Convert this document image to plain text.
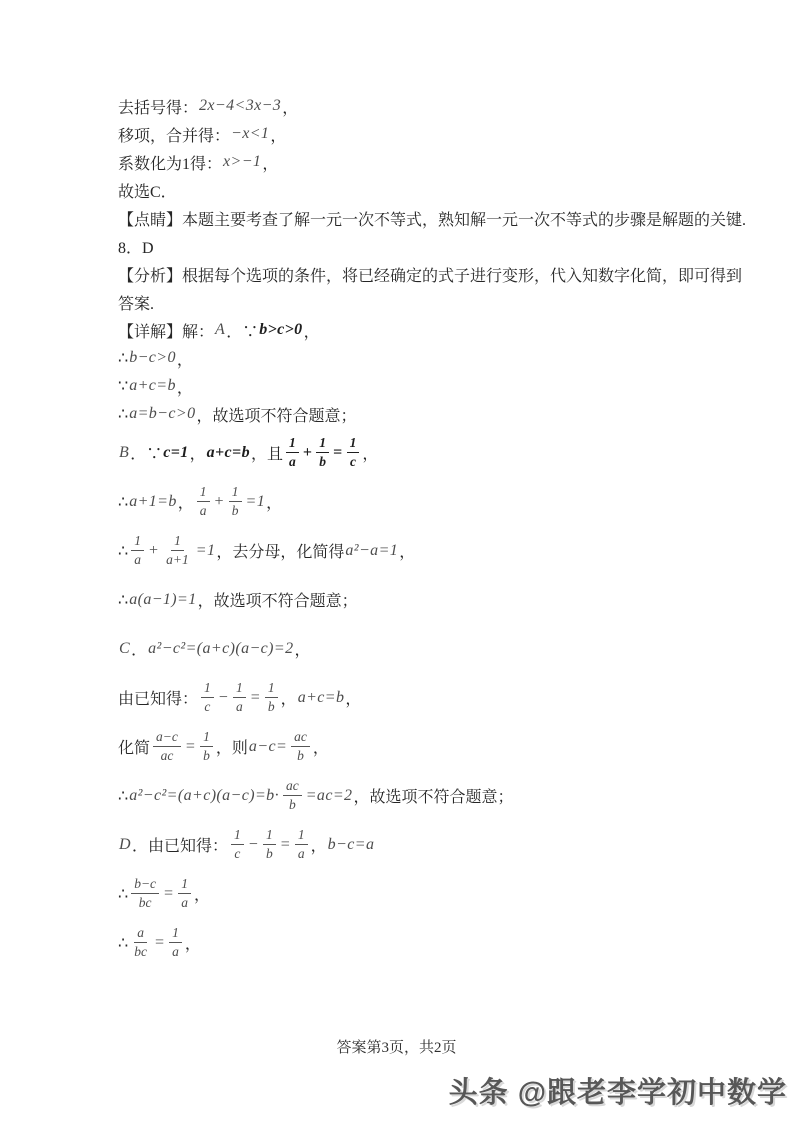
去括号得： 2x−4<3x−3 ，
移项，合并得： −x<1 ，
系数化为1得： x>−1 ，
故选C．
【点睛】本题主要考查了解一元一次不等式，熟知解一元一次不等式的步骤是解题的关键.
8．D
【分析】根据每个选项的条件，将已经确定的式子进行变形，代入知数字化简，即可得到
答案.
【详解】解： A ．∵ b>c>0 ，
∴ b−c>0 ，
∵ a+c=b ，
∴ a=b−c>0 ，故选项不符合题意；
B ．∵ c=1 ， a+c=b ，且 $\frac{1}{a} + \frac{1}{b} = \frac{1}{c}$ ，
∴ a+1=b ， $\frac{1}{a} + \frac{1}{b} =1$ ，
∴ $\frac{1}{a} + \frac{1}{a+1} =1$ ，去分母，化简得 a²−a=1 ，
∴ a(a−1)=1 ，故选项不符合题意；
C ． a²−c²=(a+c)(a−c)=2 ，
由已知得： $\frac{1}{c} - \frac{1}{a} = \frac{1}{b}$ ， a+c=b ，
化简 $\frac{a-c}{ac} = \frac{1}{b}$ ，则 $a-c= \frac{ac}{b}$ ，
∴ $a^2-c^2=(a+c)(a-c)=b\cdot \frac{ac}{b} =ac=2$ ，故选项不符合题意；
D ．由已知得： $\frac{1}{c} - \frac{1}{b} = \frac{1}{a}$ ， b−c=a
∴ $\frac{b-c}{bc} = \frac{1}{a}$ ，
∴ $\frac{a}{bc} = \frac{1}{a}$ ，
答案第3页，共2页
头条 @跟老李学初中数学
